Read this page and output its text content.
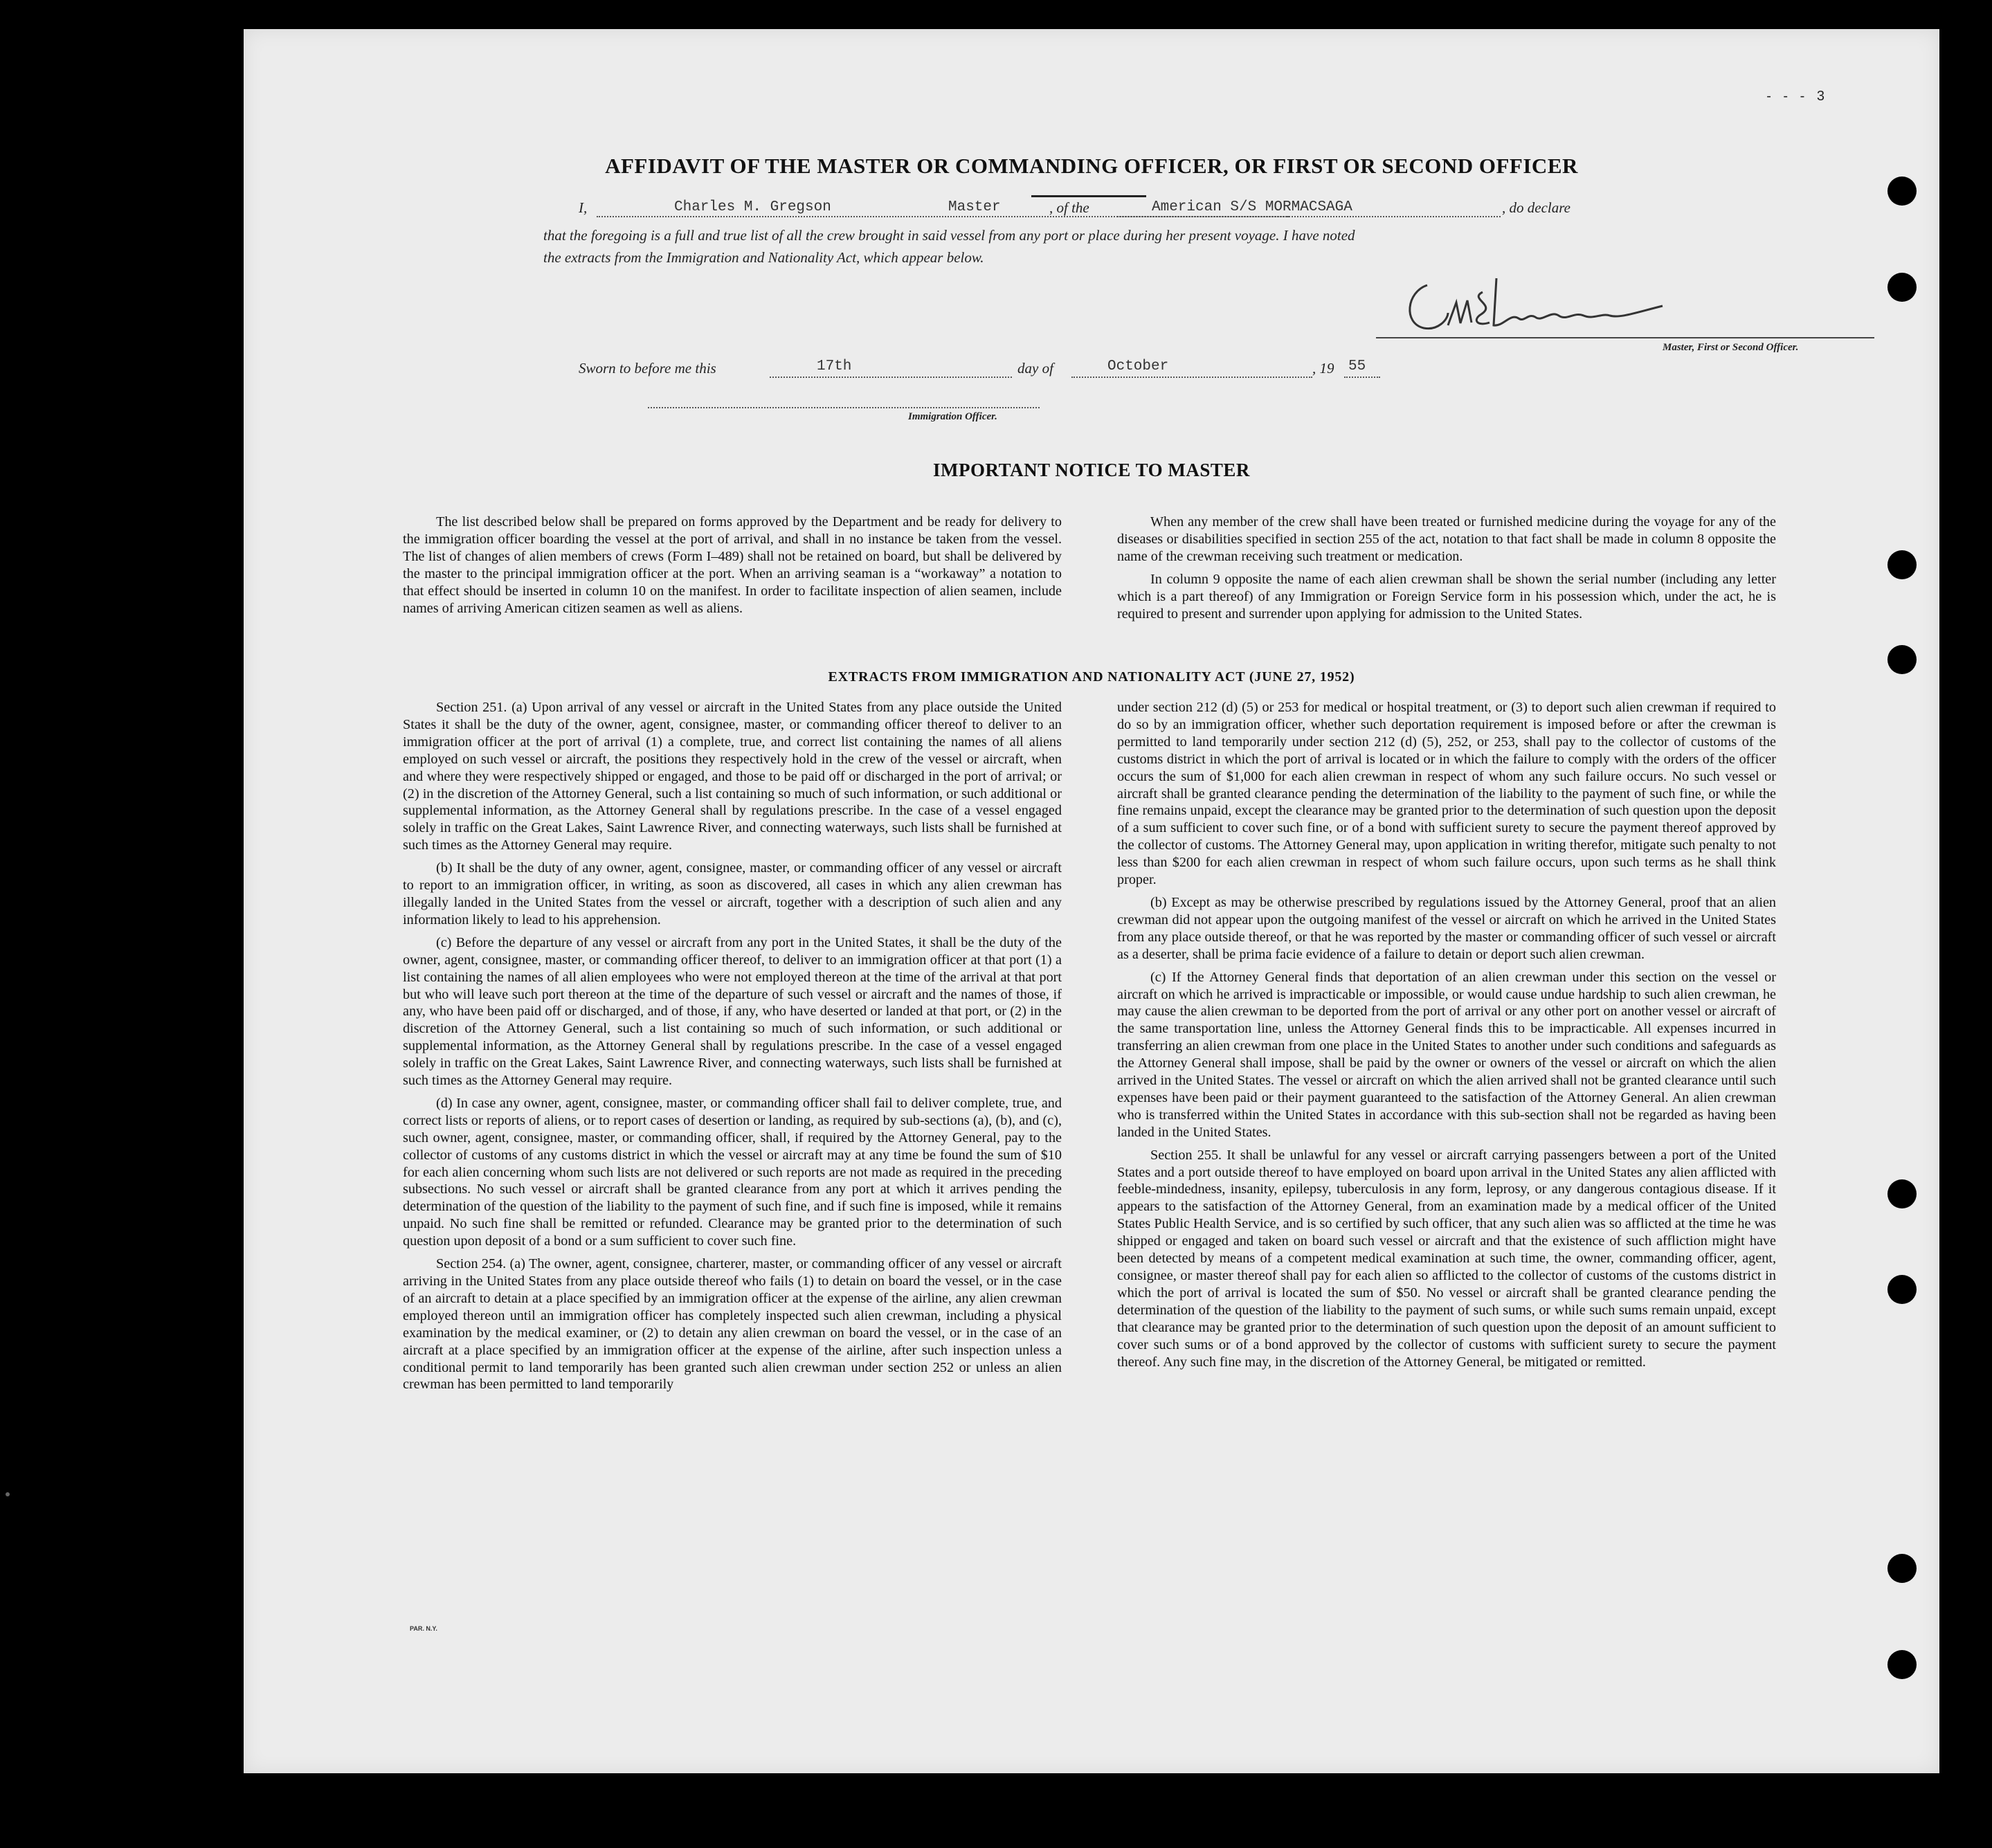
- - - 3
AFFIDAVIT OF THE MASTER OR COMMANDING OFFICER, OR FIRST OR SECOND OFFICER
I,	Charles M. Gregson	Master	, of the	American S/S MORMACSAGA	, do declare
that the foregoing is a full and true list of all the crew brought in said vessel from any port or place during her present voyage. I have noted
the extracts from the Immigration and Nationality Act, which appear below.
Master, First or Second Officer.
Sworn to before me this	17th	day of	October	, 19 55
Immigration Officer.
IMPORTANT NOTICE TO MASTER

The list described below shall be prepared on forms approved by the Department and be ready for delivery to the immigration officer boarding the vessel at the port of arrival, and shall in no instance be taken from the vessel. The list of changes of alien members of crews (Form I–489) shall not be retained on board, but shall be delivered by the master to the principal immigration officer at the port. When an arriving seaman is a “workaway” a notation to that effect should be inserted in column 10 on the manifest. In order to facilitate inspection of alien seamen, include names of arriving American citizen seamen as well as aliens.

When any member of the crew shall have been treated or furnished medicine during the voyage for any of the diseases or disabilities specified in section 255 of the act, notation to that fact shall be made in column 8 opposite the name of the crewman receiving such treatment or medication.

In column 9 opposite the name of each alien crewman shall be shown the serial number (including any letter which is a part thereof) of any Immigration or Foreign Service form in his possession which, under the act, he is required to present and surrender upon applying for admission to the United States.

EXTRACTS FROM IMMIGRATION AND NATIONALITY ACT (JUNE 27, 1952)

Section 251. (a) Upon arrival of any vessel or aircraft in the United States from any place outside the United States it shall be the duty of the owner, agent, consignee, master, or commanding officer thereof to deliver to an immigration officer at the port of arrival (1) a complete, true, and correct list containing the names of all aliens employed on such vessel or aircraft, the positions they respectively hold in the crew of the vessel or aircraft, when and where they were respectively shipped or engaged, and those to be paid off or discharged in the port of arrival; or (2) in the discretion of the Attorney General, such a list containing so much of such information, or such additional or supplemental information, as the Attorney General shall by regulations prescribe. In the case of a vessel engaged solely in traffic on the Great Lakes, Saint Lawrence River, and connecting waterways, such lists shall be furnished at such times as the Attorney General may require.

(b) It shall be the duty of any owner, agent, consignee, master, or commanding officer of any vessel or aircraft to report to an immigration officer, in writing, as soon as discovered, all cases in which any alien crewman has illegally landed in the United States from the vessel or aircraft, together with a description of such alien and any information likely to lead to his apprehension.

(c) Before the departure of any vessel or aircraft from any port in the United States, it shall be the duty of the owner, agent, consignee, master, or commanding officer thereof, to deliver to an immigration officer at that port (1) a list containing the names of all alien employees who were not employed thereon at the time of the arrival at that port but who will leave such port thereon at the time of the departure of such vessel or aircraft and the names of those, if any, who have been paid off or discharged, and of those, if any, who have deserted or landed at that port, or (2) in the discretion of the Attorney General, such a list containing so much of such information, or such additional or supplemental information, as the Attorney General shall by regulations prescribe. In the case of a vessel engaged solely in traffic on the Great Lakes, Saint Lawrence River, and connecting waterways, such lists shall be furnished at such times as the Attorney General may require.

(d) In case any owner, agent, consignee, master, or commanding officer shall fail to deliver complete, true, and correct lists or reports of aliens, or to report cases of desertion or landing, as required by sub-sections (a), (b), and (c), such owner, agent, consignee, master, or commanding officer, shall, if required by the Attorney General, pay to the collector of customs of any customs district in which the vessel or aircraft may at any time be found the sum of $10 for each alien concerning whom such lists are not delivered or such reports are not made as required in the preceding subsections. No such vessel or aircraft shall be granted clearance from any port at which it arrives pending the determination of the question of the liability to the payment of such fine, and if such fine is imposed, while it remains unpaid. No such fine shall be remitted or refunded. Clearance may be granted prior to the determination of such question upon deposit of a bond or a sum sufficient to cover such fine.

Section 254. (a) The owner, agent, consignee, charterer, master, or commanding officer of any vessel or aircraft arriving in the United States from any place outside thereof who fails (1) to detain on board the vessel, or in the case of an aircraft to detain at a place specified by an immigration officer at the expense of the airline, any alien crewman employed thereon until an immigration officer has completely inspected such alien crewman, including a physical examination by the medical examiner, or (2) to detain any alien crewman on board the vessel, or in the case of an aircraft at a place specified by an immigration officer at the expense of the airline, after such inspection unless a conditional permit to land temporarily has been granted such alien crewman under section 252 or unless an alien crewman has been permitted to land temporarily

under section 212 (d) (5) or 253 for medical or hospital treatment, or (3) to deport such alien crewman if required to do so by an immigration officer, whether such deportation requirement is imposed before or after the crewman is permitted to land temporarily under section 212 (d) (5), 252, or 253, shall pay to the collector of customs of the customs district in which the port of arrival is located or in which the failure to comply with the orders of the officer occurs the sum of $1,000 for each alien crewman in respect of whom any such failure occurs. No such vessel or aircraft shall be granted clearance pending the determination of the liability to the payment of such fine, or while the fine remains unpaid, except the clearance may be granted prior to the determination of such question upon the deposit of a sum sufficient to cover such fine, or of a bond with sufficient surety to secure the payment thereof approved by the collector of customs. The Attorney General may, upon application in writing therefor, mitigate such penalty to not less than $200 for each alien crewman in respect of whom such failure occurs, upon such terms as he shall think proper.

(b) Except as may be otherwise prescribed by regulations issued by the Attorney General, proof that an alien crewman did not appear upon the outgoing manifest of the vessel or aircraft on which he arrived in the United States from any place outside thereof, or that he was reported by the master or commanding officer of such vessel or aircraft as a deserter, shall be prima facie evidence of a failure to detain or deport such alien crewman.

(c) If the Attorney General finds that deportation of an alien crewman under this section on the vessel or aircraft on which he arrived is impracticable or impossible, or would cause undue hardship to such alien crewman, he may cause the alien crewman to be deported from the port of arrival or any other port on another vessel or aircraft of the same transportation line, unless the Attorney General finds this to be impracticable. All expenses incurred in transferring an alien crewman from one place in the United States to another under such conditions and safeguards as the Attorney General shall impose, shall be paid by the owner or owners of the vessel or aircraft on which the alien arrived in the United States. The vessel or aircraft on which the alien arrived shall not be granted clearance until such expenses have been paid or their payment guaranteed to the satisfaction of the Attorney General. An alien crewman who is transferred within the United States in accordance with this sub-section shall not be regarded as having been landed in the United States.

Section 255. It shall be unlawful for any vessel or aircraft carrying passengers between a port of the United States and a port outside thereof to have employed on board upon arrival in the United States any alien afflicted with feeble-mindedness, insanity, epilepsy, tuberculosis in any form, leprosy, or any dangerous contagious disease. If it appears to the satisfaction of the Attorney General, from an examination made by a medical officer of the United States Public Health Service, and is so certified by such officer, that any such alien was so afflicted at the time he was shipped or engaged and taken on board such vessel or aircraft and that the existence of such affliction might have been detected by means of a competent medical examination at such time, the owner, commanding officer, agent, consignee, or master thereof shall pay for each alien so afflicted to the collector of customs of the customs district in which the port of arrival is located the sum of $50. No vessel or aircraft shall be granted clearance pending the determination of the question of the liability to the payment of such sums, or while such sums remain unpaid, except that clearance may be granted prior to the determination of such question upon the deposit of an amount sufficient to cover such sums or of a bond approved by the collector of customs with sufficient surety to secure the payment thereof. Any such fine may, in the discretion of the Attorney General, be mitigated or remitted.

PAR. N.Y.
